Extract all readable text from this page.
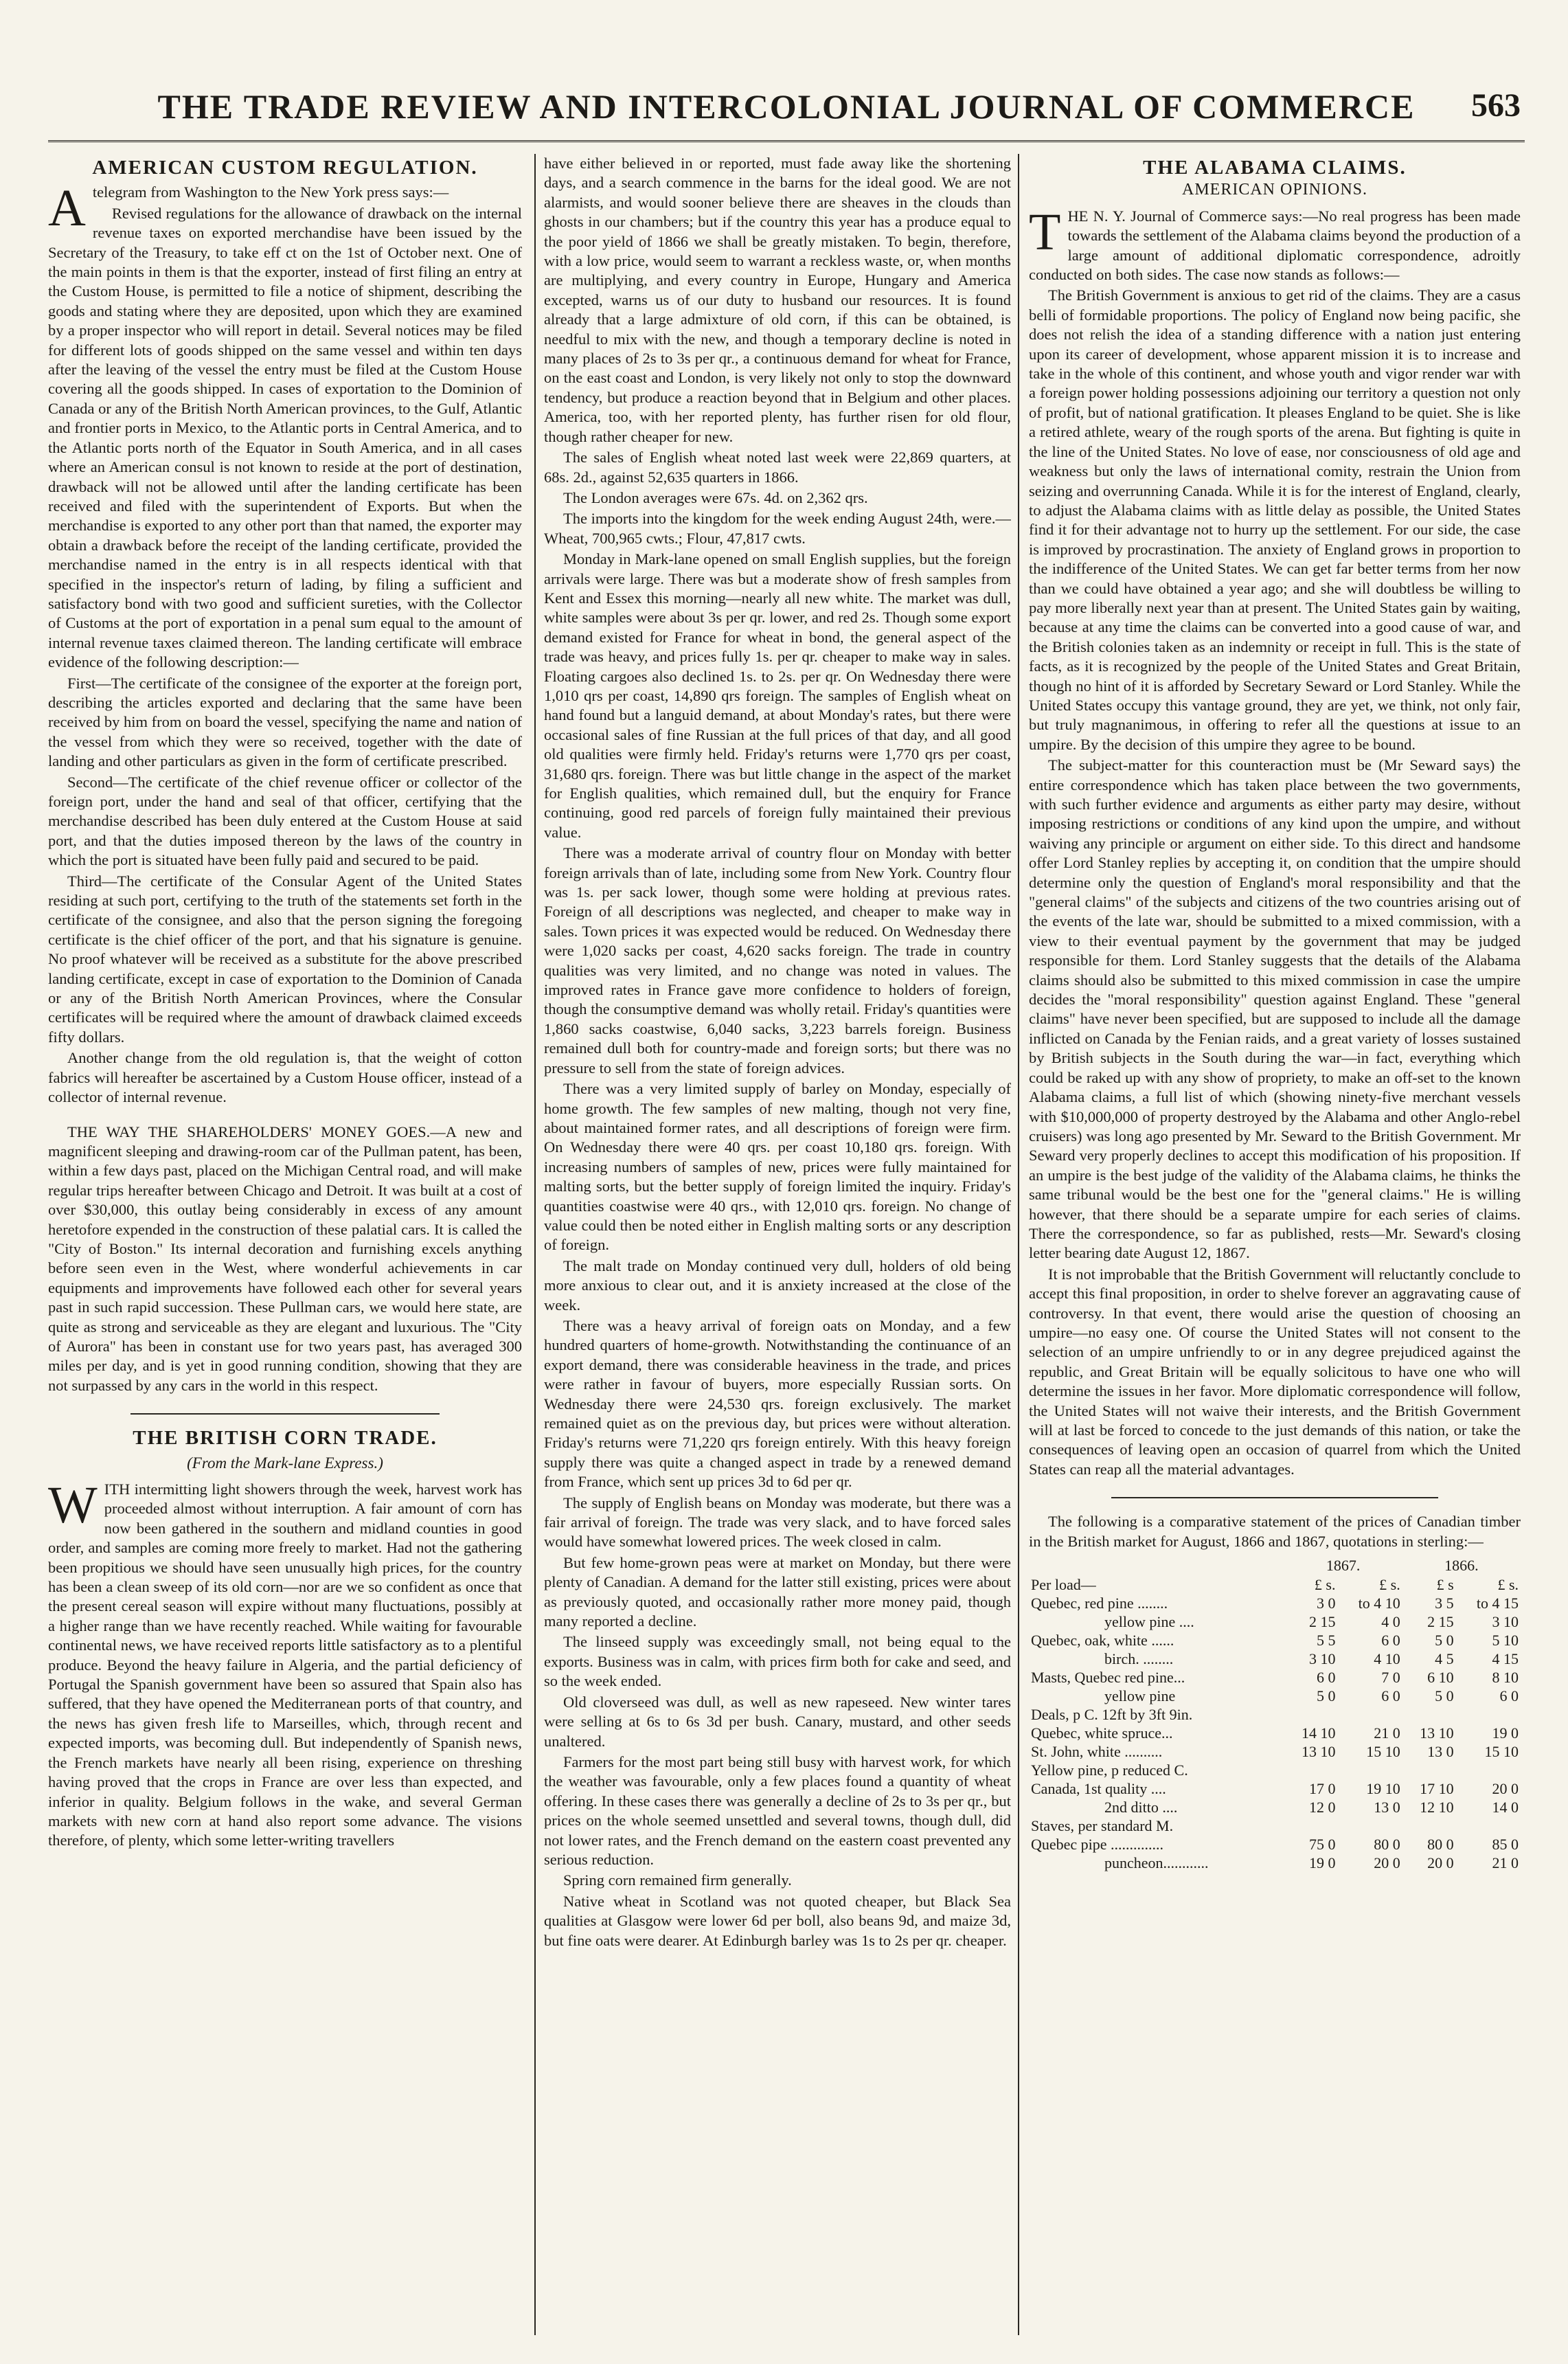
THE TRADE REVIEW AND INTERCOLONIAL JOURNAL OF COMMERCE	563
AMERICAN CUSTOM REGULATION.

Atelegram from Washington to the New York press says:—

Revised regulations for the allowance of drawback on the internal revenue taxes on exported merchandise have been issued by the Secretary of the Treasury, to take eff ct on the 1st of October next. One of the main points in them is that the exporter, instead of first filing an entry at the Custom House, is permitted to file a notice of shipment, describing the goods and stating where they are deposited, upon which they are examined by a proper inspector who will report in detail. Several notices may be filed for different lots of goods shipped on the same vessel and within ten days after the leaving of the vessel the entry must be filed at the Custom House covering all the goods shipped. In cases of exportation to the Dominion of Canada or any of the British North American provinces, to the Gulf, Atlantic and frontier ports in Mexico, to the Atlantic ports in Central America, and to the Atlantic ports north of the Equator in South America, and in all cases where an American consul is not known to reside at the port of destination, drawback will not be allowed until after the landing certificate has been received and filed with the superintendent of Exports. But when the merchandise is exported to any other port than that named, the exporter may obtain a drawback before the receipt of the landing certificate, provided the merchandise named in the entry is in all respects identical with that specified in the inspector's return of lading, by filing a sufficient and satisfactory bond with two good and sufficient sureties, with the Collector of Customs at the port of exportation in a penal sum equal to the amount of internal revenue taxes claimed thereon. The landing certificate will embrace evidence of the following description:—

First—The certificate of the consignee of the exporter at the foreign port, describing the articles exported and declaring that the same have been received by him from on board the vessel, specifying the name and nation of the vessel from which they were so received, together with the date of landing and other particulars as given in the form of certificate prescribed.

Second—The certificate of the chief revenue officer or collector of the foreign port, under the hand and seal of that officer, certifying that the merchandise described has been duly entered at the Custom House at said port, and that the duties imposed thereon by the laws of the country in which the port is situated have been fully paid and secured to be paid.

Third—The certificate of the Consular Agent of the United States residing at such port, certifying to the truth of the statements set forth in the certificate of the consignee, and also that the person signing the foregoing certificate is the chief officer of the port, and that his signature is genuine. No proof whatever will be received as a substitute for the above prescribed landing certificate, except in case of exportation to the Dominion of Canada or any of the British North American Provinces, where the Consular certificates will be required where the amount of drawback claimed exceeds fifty dollars.

Another change from the old regulation is, that the weight of cotton fabrics will hereafter be ascertained by a Custom House officer, instead of a collector of internal revenue.

THE WAY THE SHAREHOLDERS' MONEY GOES.—A new and magnificent sleeping and drawing-room car of the Pullman patent, has been, within a few days past, placed on the Michigan Central road, and will make regular trips hereafter between Chicago and Detroit. It was built at a cost of over $30,000, this outlay being considerably in excess of any amount heretofore expended in the construction of these palatial cars. It is called the "City of Boston." Its internal decoration and furnishing excels anything before seen even in the West, where wonderful achievements in car equipments and improvements have followed each other for several years past in such rapid succession. These Pullman cars, we would here state, are quite as strong and serviceable as they are elegant and luxurious. The "City of Aurora" has been in constant use for two years past, has averaged 300 miles per day, and is yet in good running condition, showing that they are not surpassed by any cars in the world in this respect.

THE BRITISH CORN TRADE.
(From the Mark-lane Express.)

WITH intermitting light showers through the week, harvest work has proceeded almost without interruption. A fair amount of corn has now been gathered in the southern and midland counties in good order, and samples are coming more freely to market. Had not the gathering been propitious we should have seen unusually high prices, for the country has been a clean sweep of its old corn—nor are we so confident as once that the present cereal season will expire without many fluctuations, possibly at a higher range than we have recently reached. While waiting for favourable continental news, we have received reports little satisfactory as to a plentiful produce. Beyond the heavy failure in Algeria, and the partial deficiency of Portugal the Spanish government have been so assured that Spain also has suffered, that they have opened the Mediterranean ports of that country, and the news has given fresh life to Marseilles, which, through recent and expected imports, was becoming dull. But independently of Spanish news, the French markets have nearly all been rising, experience on threshing having proved that the crops in France are over less than expected, and inferior in quality. Belgium follows in the wake, and several German markets with new corn at hand also report some advance. The visions therefore, of plenty, which some letter-writing travellers

have either believed in or reported, must fade away like the shortening days, and a search commence in the barns for the ideal good. We are not alarmists, and would sooner believe there are sheaves in the clouds than ghosts in our chambers; but if the country this year has a produce equal to the poor yield of 1866 we shall be greatly mistaken. To begin, therefore, with a low price, would seem to warrant a reckless waste, or, when months are multiplying, and every country in Europe, Hungary and America excepted, warns us of our duty to husband our resources. It is found already that a large admixture of old corn, if this can be obtained, is needful to mix with the new, and though a temporary decline is noted in many places of 2s to 3s per qr., a continuous demand for wheat for France, on the east coast and London, is very likely not only to stop the downward tendency, but produce a reaction beyond that in Belgium and other places. America, too, with her reported plenty, has further risen for old flour, though rather cheaper for new.

The sales of English wheat noted last week were 22,869 quarters, at 68s. 2d., against 52,635 quarters in 1866.

The London averages were 67s. 4d. on 2,362 qrs.

The imports into the kingdom for the week ending August 24th, were.—Wheat, 700,965 cwts.; Flour, 47,817 cwts.

Monday in Mark-lane opened on small English supplies, but the foreign arrivals were large. There was but a moderate show of fresh samples from Kent and Essex this morning—nearly all new white. The market was dull, white samples were about 3s per qr. lower, and red 2s. Though some export demand existed for France for wheat in bond, the general aspect of the trade was heavy, and prices fully 1s. per qr. cheaper to make way in sales. Floating cargoes also declined 1s. to 2s. per qr. On Wednesday there were 1,010 qrs per coast, 14,890 qrs foreign. The samples of English wheat on hand found but a languid demand, at about Monday's rates, but there were occasional sales of fine Russian at the full prices of that day, and all good old qualities were firmly held. Friday's returns were 1,770 qrs per coast, 31,680 qrs. foreign. There was but little change in the aspect of the market for English qualities, which remained dull, but the enquiry for France continuing, good red parcels of foreign fully maintained their previous value.

There was a moderate arrival of country flour on Monday with better foreign arrivals than of late, including some from New York. Country flour was 1s. per sack lower, though some were holding at previous rates. Foreign of all descriptions was neglected, and cheaper to make way in sales. Town prices it was expected would be reduced. On Wednesday there were 1,020 sacks per coast, 4,620 sacks foreign. The trade in country qualities was very limited, and no change was noted in values. The improved rates in France gave more confidence to holders of foreign, though the consumptive demand was wholly retail. Friday's quantities were 1,860 sacks coastwise, 6,040 sacks, 3,223 barrels foreign. Business remained dull both for country-made and foreign sorts; but there was no pressure to sell from the state of foreign advices.

There was a very limited supply of barley on Monday, especially of home growth. The few samples of new malting, though not very fine, about maintained former rates, and all descriptions of foreign were firm. On Wednesday there were 40 qrs. per coast 10,180 qrs. foreign. With increasing numbers of samples of new, prices were fully maintained for malting sorts, but the better supply of foreign limited the inquiry. Friday's quantities coastwise were 40 qrs., with 12,010 qrs. foreign. No change of value could then be noted either in English malting sorts or any description of foreign.

The malt trade on Monday continued very dull, holders of old being more anxious to clear out, and it is anxiety increased at the close of the week.

There was a heavy arrival of foreign oats on Monday, and a few hundred quarters of home-growth. Notwithstanding the continuance of an export demand, there was considerable heaviness in the trade, and prices were rather in favour of buyers, more especially Russian sorts. On Wednesday there were 24,530 qrs. foreign exclusively. The market remained quiet as on the previous day, but prices were without alteration. Friday's returns were 71,220 qrs foreign entirely. With this heavy foreign supply there was quite a changed aspect in trade by a renewed demand from France, which sent up prices 3d to 6d per qr.

The supply of English beans on Monday was moderate, but there was a fair arrival of foreign. The trade was very slack, and to have forced sales would have somewhat lowered prices. The week closed in calm.

But few home-grown peas were at market on Monday, but there were plenty of Canadian. A demand for the latter still existing, prices were about as previously quoted, and occasionally rather more money paid, though many reported a decline.

The linseed supply was exceedingly small, not being equal to the exports. Business was in calm, with prices firm both for cake and seed, and so the week ended.

Old cloverseed was dull, as well as new rapeseed. New winter tares were selling at 6s to 6s 3d per bush. Canary, mustard, and other seeds unaltered.

Farmers for the most part being still busy with harvest work, for which the weather was favourable, only a few places found a quantity of wheat offering. In these cases there was generally a decline of 2s to 3s per qr., but prices on the whole seemed unsettled and several towns, though dull, did not lower rates, and the French demand on the eastern coast prevented any serious reduction.

Spring corn remained firm generally.

Native wheat in Scotland was not quoted cheaper, but Black Sea qualities at Glasgow were lower 6d per boll, also beans 9d, and maize 3d, but fine oats were dearer. At Edinburgh barley was 1s to 2s per qr. cheaper.

THE ALABAMA CLAIMS.
AMERICAN OPINIONS.

THE N. Y. Journal of Commerce says:—No real progress has been made towards the settlement of the Alabama claims beyond the production of a large amount of additional diplomatic correspondence, adroitly conducted on both sides. The case now stands as follows:—

The British Government is anxious to get rid of the claims. They are a casus belli of formidable proportions. The policy of England now being pacific, she does not relish the idea of a standing difference with a nation just entering upon its career of development, whose apparent mission it is to increase and take in the whole of this continent, and whose youth and vigor render war with a foreign power holding possessions adjoining our territory a question not only of profit, but of national gratification. It pleases England to be quiet. She is like a retired athlete, weary of the rough sports of the arena. But fighting is quite in the line of the United States. No love of ease, nor consciousness of old age and weakness but only the laws of international comity, restrain the Union from seizing and overrunning Canada. While it is for the interest of England, clearly, to adjust the Alabama claims with as little delay as possible, the United States find it for their advantage not to hurry up the settlement. For our side, the case is improved by procrastination. The anxiety of England grows in proportion to the indifference of the United States. We can get far better terms from her now than we could have obtained a year ago; and she will doubtless be willing to pay more liberally next year than at present. The United States gain by waiting, because at any time the claims can be converted into a good cause of war, and the British colonies taken as an indemnity or receipt in full. This is the state of facts, as it is recognized by the people of the United States and Great Britain, though no hint of it is afforded by Secretary Seward or Lord Stanley. While the United States occupy this vantage ground, they are yet, we think, not only fair, but truly magnanimous, in offering to refer all the questions at issue to an umpire. By the decision of this umpire they agree to be bound.

The subject-matter for this counteraction must be (Mr Seward says) the entire correspondence which has taken place between the two governments, with such further evidence and arguments as either party may desire, without imposing restrictions or conditions of any kind upon the umpire, and without waiving any principle or argument on either side. To this direct and handsome offer Lord Stanley replies by accepting it, on condition that the umpire should determine only the question of England's moral responsibility and that the "general claims" of the subjects and citizens of the two countries arising out of the events of the late war, should be submitted to a mixed commission, with a view to their eventual payment by the government that may be judged responsible for them. Lord Stanley suggests that the details of the Alabama claims should also be submitted to this mixed commission in case the umpire decides the "moral responsibility" question against England. These "general claims" have never been specified, but are supposed to include all the damage inflicted on Canada by the Fenian raids, and a great variety of losses sustained by British subjects in the South during the war—in fact, everything which could be raked up with any show of propriety, to make an off-set to the known Alabama claims, a full list of which (showing ninety-five merchant vessels with $10,000,000 of property destroyed by the Alabama and other Anglo-rebel cruisers) was long ago presented by Mr. Seward to the British Government. Mr Seward very properly declines to accept this modification of his proposition. If an umpire is the best judge of the validity of the Alabama claims, he thinks the same tribunal would be the best one for the "general claims." He is willing however, that there should be a separate umpire for each series of claims. There the correspondence, so far as published, rests—Mr. Seward's closing letter bearing date August 12, 1867.

It is not improbable that the British Government will reluctantly conclude to accept this final proposition, in order to shelve forever an aggravating cause of controversy. In that event, there would arise the question of choosing an umpire—no easy one. Of course the United States will not consent to the selection of an umpire unfriendly to or in any degree prejudiced against the republic, and Great Britain will be equally solicitous to have one who will determine the issues in her favor. More diplomatic correspondence will follow, the United States will not waive their interests, and the British Government will at last be forced to concede to the just demands of this nation, or take the consequences of leaving open an occasion of quarrel from which the United States can reap all the material advantages.

The following is a comparative statement of the prices of Canadian timber in the British market for August, 1866 and 1867, quotations in sterling:—

	1867.		1866.	
Per load—	£ s.	£ s.	£ s	£ s.
Quebec, red pine ........	3 0	to 4 10	3 5	to 4 15
yellow pine ....	2 15	4 0	2 15	3 10
Quebec, oak, white ......	5 5	6 0	5 0	5 10
birch. ........	3 10	4 10	4 5	4 15
Masts, Quebec red pine...	6 0	7 0	6 10	8 10
yellow pine	5 0	6 0	5 0	6 0
Deals, p C. 12ft by 3ft 9in.				
Quebec, white spruce...	14 10	21 0	13 10	19 0
St. John, white ..........	13 10	15 10	13 0	15 10
Yellow pine, p reduced C.				
Canada, 1st quality ....	17 0	19 10	17 10	20 0
2nd ditto ....	12 0	13 0	12 10	14 0
Staves, per standard M.				
Quebec pipe ..............	75 0	80 0	80 0	85 0
puncheon............	19 0	20 0	20 0	21 0
